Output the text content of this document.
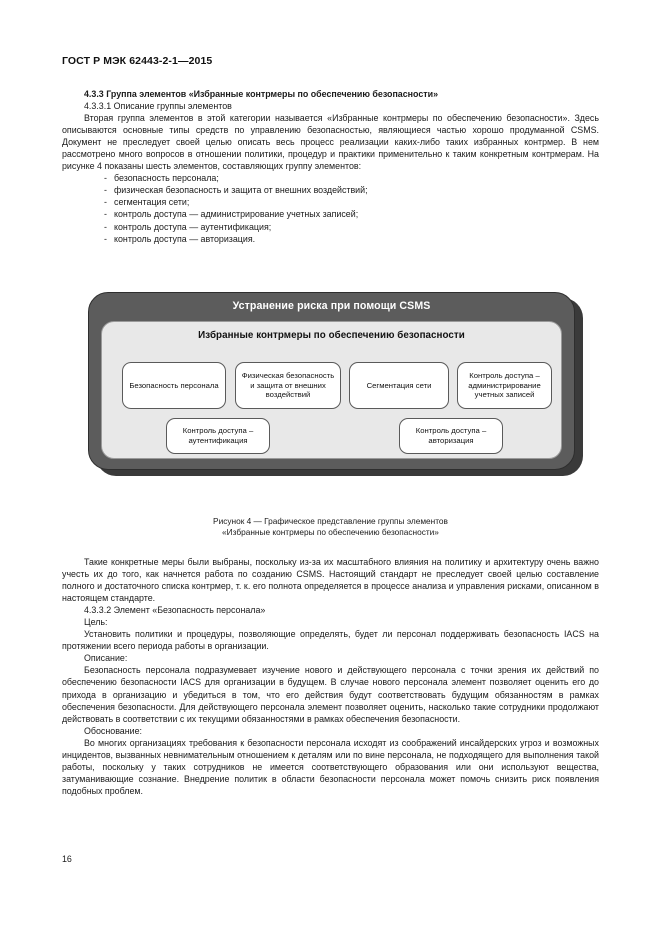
ГОСТ Р МЭК 62443-2-1—2015

4.3.3 Группа элементов «Избранные контрмеры по обеспечению безопасности»

4.3.3.1 Описание группы элементов

Вторая группа элементов в этой категории называется «Избранные контрмеры по обеспечению безопасности». Здесь описываются основные типы средств по управлению безопасностью, являющиеся частью хорошо продуманной CSMS. Документ не преследует своей целью описать весь процесс реализации каких-либо таких избранных контрмер. В нем рассмотрено много вопросов в отношении политики, процедур и практики применительно к таким конкретным контрмерам. На рисунке 4 показаны шесть элементов, составляющих группу элементов:

- безопасность персонала;
- физическая безопасность и защита от внешних воздействий;
- сегментация сети;
- контроль доступа — администрирование учетных записей;
- контроль доступа — аутентификация;
- контроль доступа — авторизация.
Устранение риска при помощи CSMS
Избранные контрмеры по обеспечению безопасности
Безопасность персонала
Физическая безопасность и защита от внешних воздействий
Сегментация сети
Контроль доступа – администрирование учетных записей
Контроль доступа – аутентификация
Контроль доступа – авторизация
Рисунок 4 — Графическое представление группы элементов
«Избранные контрмеры по обеспечению безопасности»

Такие конкретные меры были выбраны, поскольку из-за их масштабного влияния на политику и архитектуру очень важно учесть их до того, как начнется работа по созданию CSMS. Настоящий стандарт не преследует своей целью составление полного и достаточного списка контрмер, т. к. его полнота определяется в процессе анализа и управления рисками, описанном в настоящем стандарте.

4.3.3.2 Элемент «Безопасность персонала»

Цель:

Установить политики и процедуры, позволяющие определять, будет ли персонал поддерживать безопасность IACS на протяжении всего периода работы в организации.

Описание:

Безопасность персонала подразумевает изучение нового и действующего персонала с точки зрения их действий по обеспечению безопасности IACS для организации в будущем. В случае нового персонала элемент позволяет оценить его до прихода в организацию и убедиться в том, что его действия будут соответствовать будущим обязанностям в рамках обеспечения безопасности. Для действующего персонала элемент позволяет оценить, насколько такие сотрудники продолжают действовать в соответствии с их текущими обязанностями в рамках обеспечения безопасности.

Обоснование:

Во многих организациях требования к безопасности персонала исходят из соображений инсайдерских угроз и возможных инцидентов, вызванных невнимательным отношением к деталям или по вине персонала, не подходящего для выполнения такой работы, поскольку у таких сотрудников не имеется соответствующего образования или они используют вещества, затуманивающие сознание. Внедрение политик в области безопасности персонала может помочь снизить риск появления подобных проблем.

16
